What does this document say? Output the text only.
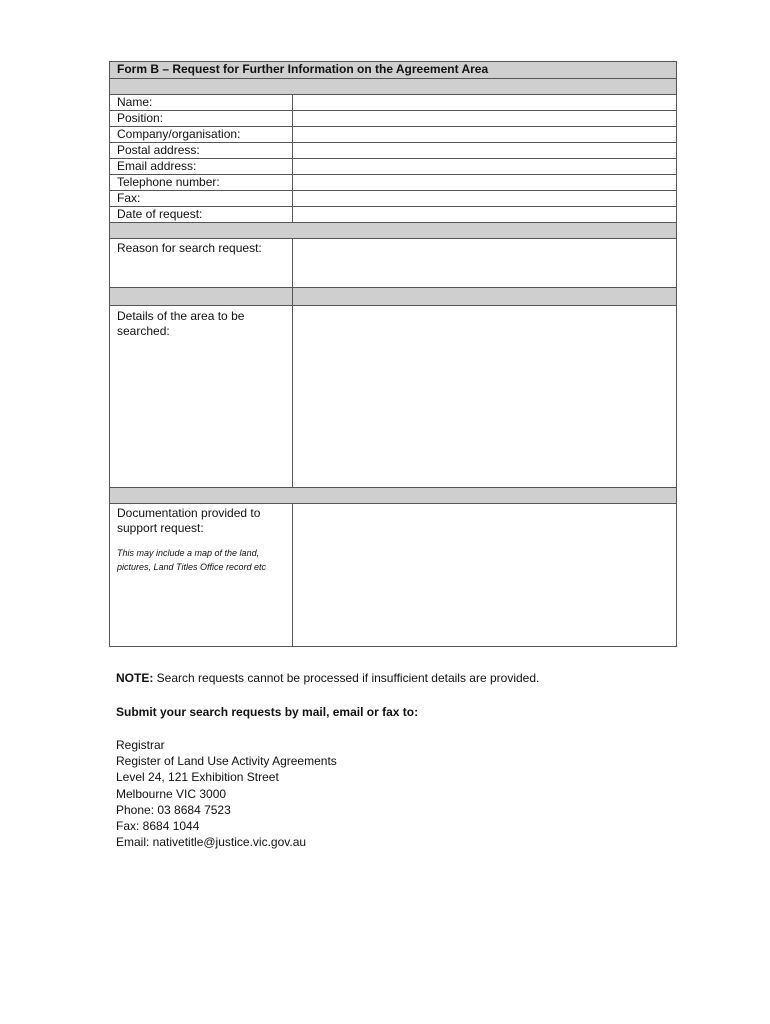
Form B – Request for Further Information on the Agreement Area	

Name:	
Position:	
Company/organisation:	
Postal address:	
Email address:	
Telephone number:	
Fax:	
Date of request:	

Reason for search request:	

Details of the area to be searched:	

Documentation provided to support request:
This may include a map of the land, pictures, Land Titles Office record etc	

NOTE: Search requests cannot be processed if insufficient details are provided.

Submit your search requests by mail, email or fax to:

Registrar

Register of Land Use Activity Agreements

Level 24, 121 Exhibition Street

Melbourne VIC 3000

Phone: 03 8684 7523

Fax: 8684 1044

Email: nativetitle@justice.vic.gov.au
